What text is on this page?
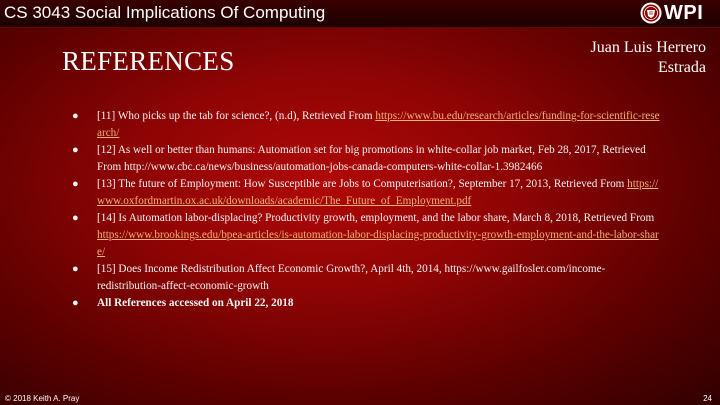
CS 3043 Social Implications Of Computing	WPI
REFERENCES	Juan Luis Herrero
Estrada
● [11] Who picks up the tab for science?, (n.d), Retrieved From https://www.bu.edu/research/articles/funding-for-scientific-research/
● [12] As well or better than humans: Automation set for big promotions in white-collar job market, Feb 28, 2017, Retrieved From http://www.cbc.ca/news/business/automation-jobs-canada-computers-white-collar-1.3982466
● [13] The future of Employment: How Susceptible are Jobs to Computerisation?, September 17, 2013, Retrieved From https://www.oxfordmartin.ox.ac.uk/downloads/academic/The_Future_of_Employment.pdf
● [14] Is Automation labor-displacing? Productivity growth, employment, and the labor share, March 8, 2018, Retrieved From https://www.brookings.edu/bpea-articles/is-automation-labor-displacing-productivity-growth-employment-and-the-labor-share/
● [15] Does Income Redistribution Affect Economic Growth?, April 4th, 2014, https://www.gailfosler.com/income-redistribution-affect-economic-growth
● All References accessed on April 22, 2018
© 2018 Keith A. Pray	24
